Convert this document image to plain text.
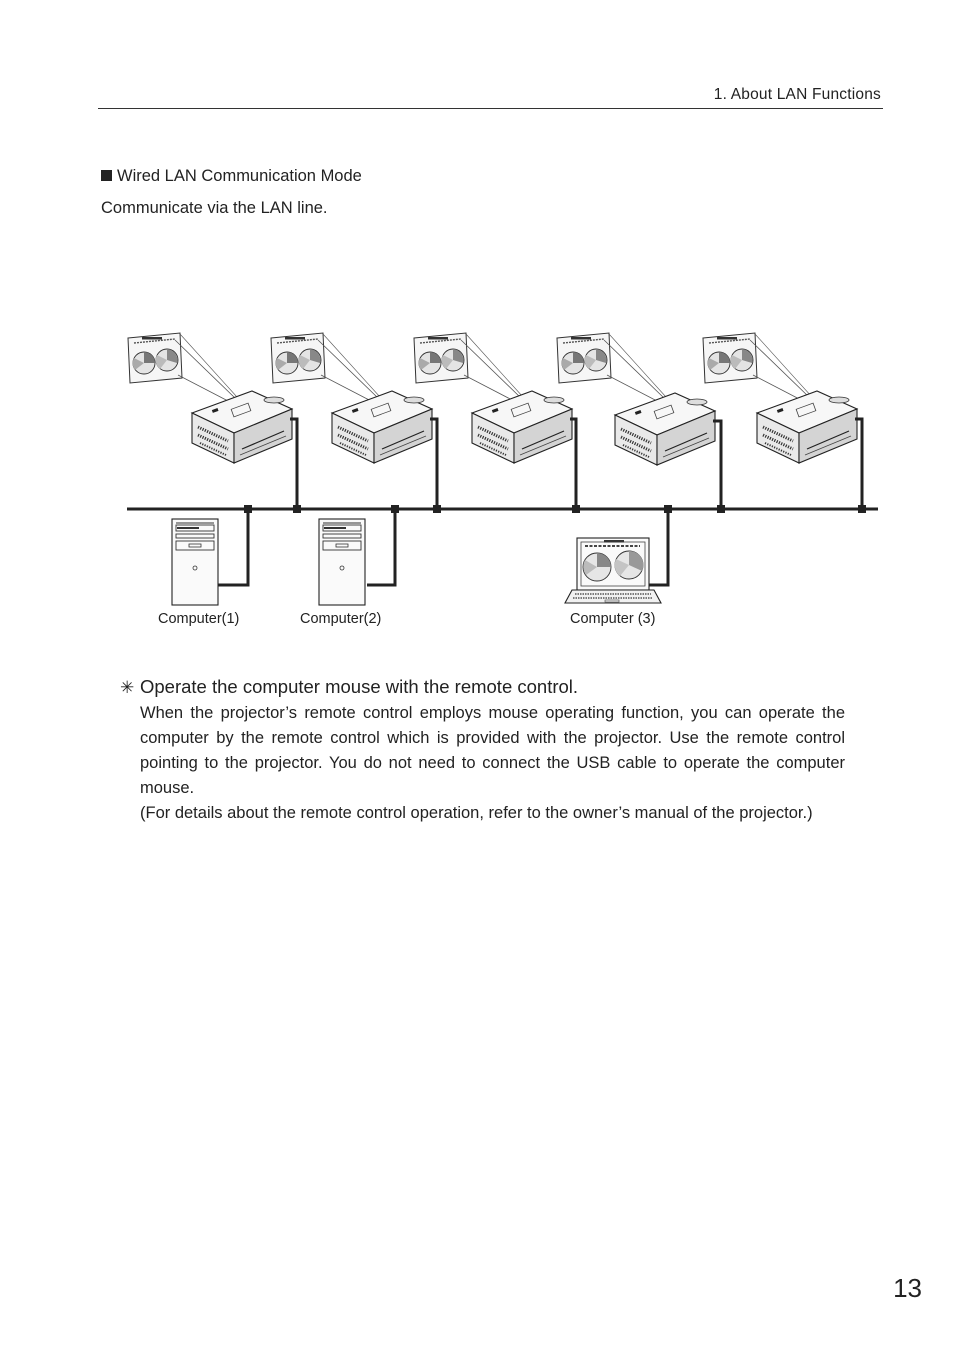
1. About LAN Functions
Wired LAN Communication Mode
Communicate via the LAN line.
Computer(1)	Computer(2)	Computer (3)
✳ Operate the computer mouse with the remote control.

When the projector’s remote control employs mouse operating function, you can operate the computer by the remote control which is provided with the projector. Use the remote control pointing to the projector. You do not need to connect the USB cable to operate the computer mouse.

(For details about the remote control operation, refer to the owner’s manual of the projector.)

13
